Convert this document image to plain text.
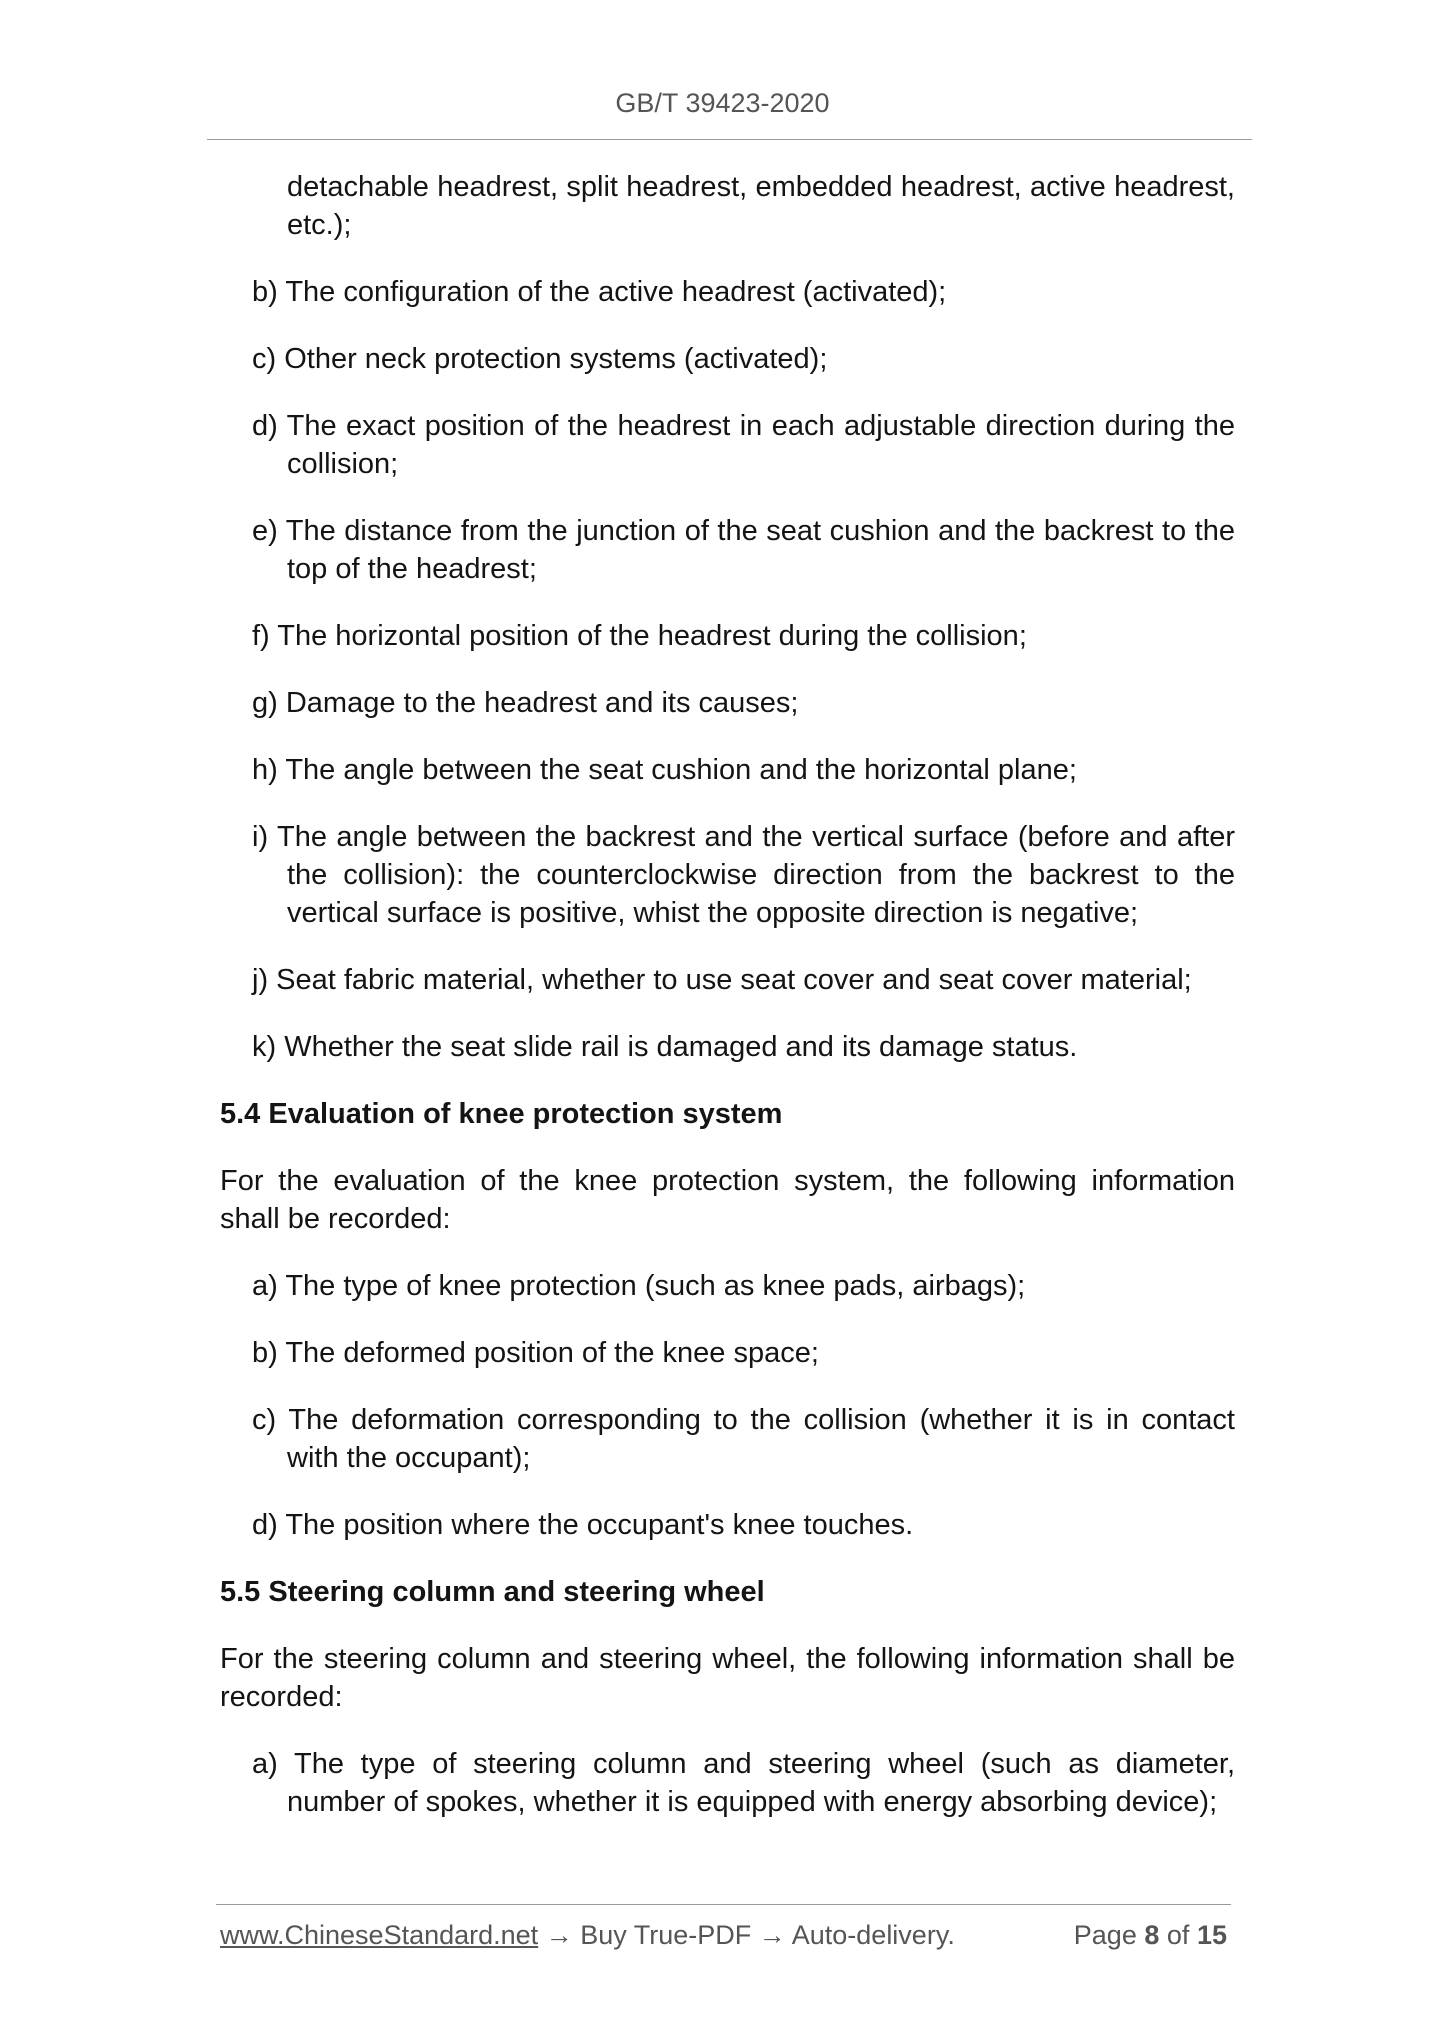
GB/T 39423-2020
detachable headrest, split headrest, embedded headrest, active headrest, etc.);
b) The configuration of the active headrest (activated);
c) Other neck protection systems (activated);
d) The exact position of the headrest in each adjustable direction during the collision;
e) The distance from the junction of the seat cushion and the backrest to the top of the headrest;
f) The horizontal position of the headrest during the collision;
g) Damage to the headrest and its causes;
h) The angle between the seat cushion and the horizontal plane;
i) The angle between the backrest and the vertical surface (before and after the collision): the counterclockwise direction from the backrest to the vertical surface is positive, whist the opposite direction is negative;
j) Seat fabric material, whether to use seat cover and seat cover material;
k) Whether the seat slide rail is damaged and its damage status.
5.4 Evaluation of knee protection system
For the evaluation of the knee protection system, the following information shall be recorded:
a) The type of knee protection (such as knee pads, airbags);
b) The deformed position of the knee space;
c) The deformation corresponding to the collision (whether it is in contact with the occupant);
d) The position where the occupant's knee touches.
5.5 Steering column and steering wheel
For the steering column and steering wheel, the following information shall be recorded:
a) The type of steering column and steering wheel (such as diameter, number of spokes, whether it is equipped with energy absorbing device);
www.ChineseStandard.net → Buy True-PDF → Auto-delivery.	Page 8 of 15
